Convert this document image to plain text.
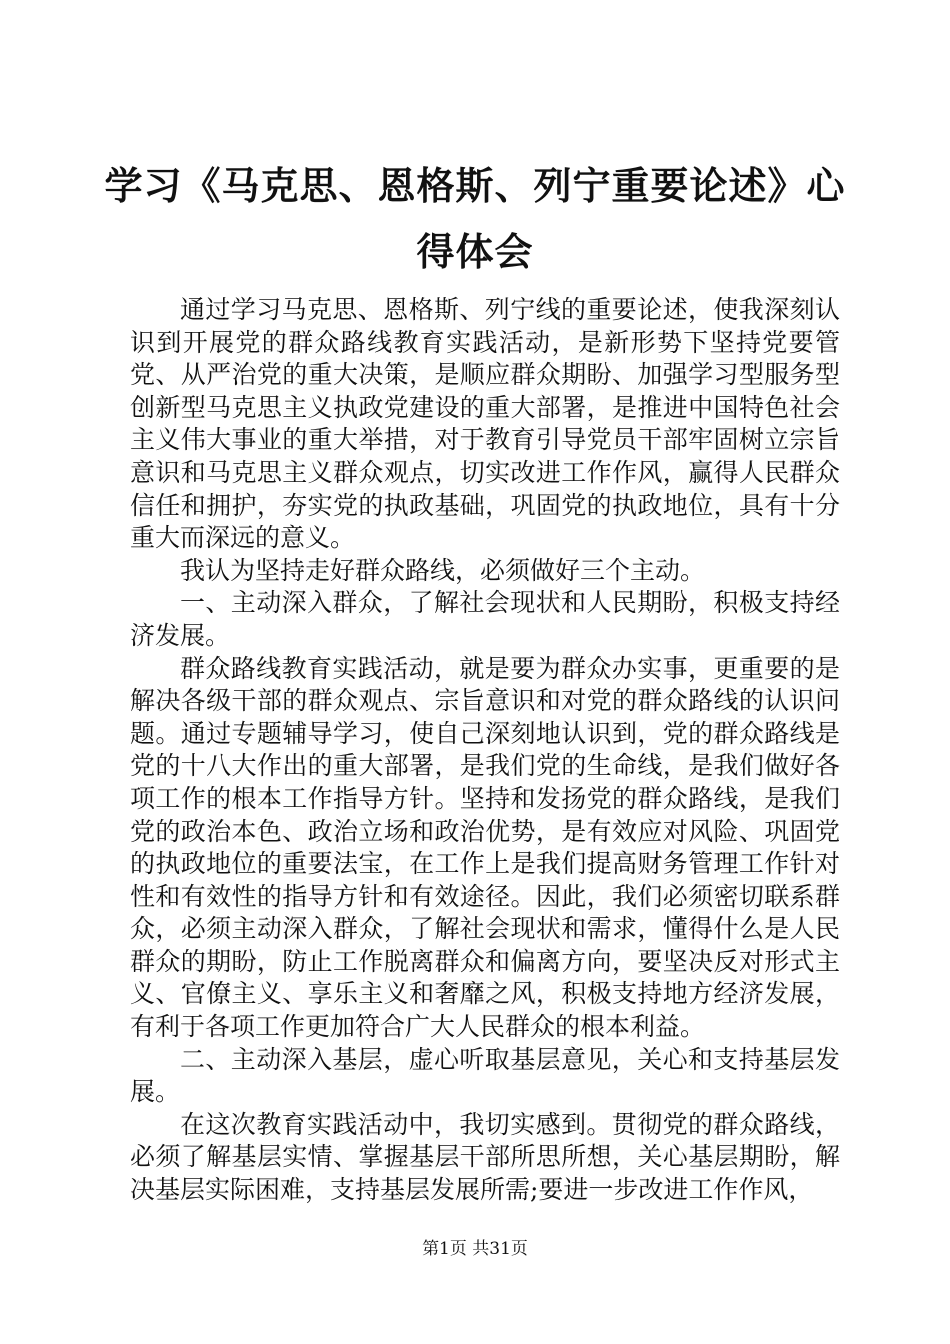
学习《马克思、恩格斯、列宁重要论述》心得体会

通过学习马克思、恩格斯、列宁线的重要论述，使我深刻认识到开展党的群众路线教育实践活动，是新形势下坚持党要管党、从严治党的重大决策，是顺应群众期盼、加强学习型服务型创新型马克思主义执政党建设的重大部署，是推进中国特色社会主义伟大事业的重大举措，对于教育引导党员干部牢固树立宗旨意识和马克思主义群众观点，切实改进工作作风，赢得人民群众信任和拥护，夯实党的执政基础，巩固党的执政地位，具有十分重大而深远的意义。

我认为坚持走好群众路线，必须做好三个主动。

一、主动深入群众，了解社会现状和人民期盼，积极支持经济发展。

群众路线教育实践活动，就是要为群众办实事，更重要的是解决各级干部的群众观点、宗旨意识和对党的群众路线的认识问题。通过专题辅导学习，使自己深刻地认识到，党的群众路线是党的十八大作出的重大部署，是我们党的生命线，是我们做好各项工作的根本工作指导方针。坚持和发扬党的群众路线，是我们党的政治本色、政治立场和政治优势，是有效应对风险、巩固党的执政地位的重要法宝，在工作上是我们提高财务管理工作针对性和有效性的指导方针和有效途径。因此，我们必须密切联系群众，必须主动深入群众，了解社会现状和需求，懂得什么是人民群众的期盼，防止工作脱离群众和偏离方向，要坚决反对形式主义、官僚主义、享乐主义和奢靡之风，积极支持地方经济发展，有利于各项工作更加符合广大人民群众的根本利益。

二、主动深入基层，虚心听取基层意见，关心和支持基层发展。

在这次教育实践活动中，我切实感到。贯彻党的群众路线，必须了解基层实情、掌握基层干部所思所想，关心基层期盼，解决基层实际困难，支持基层发展所需;要进一步改进工作作风，

第1页 共31页
